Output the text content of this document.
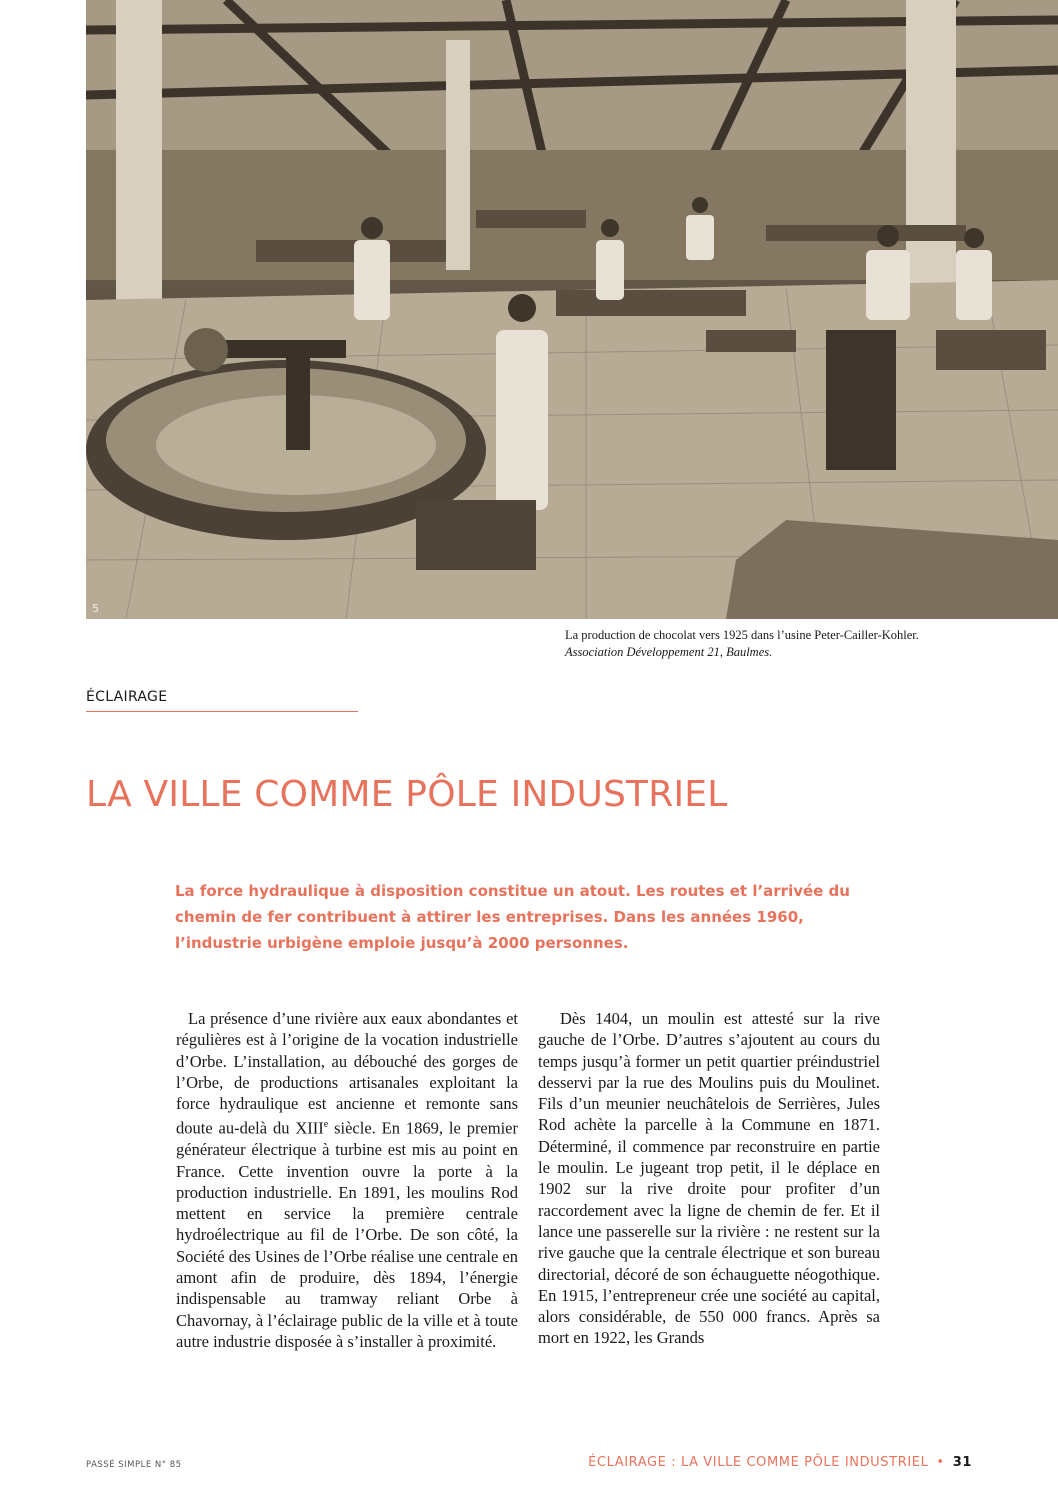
5
La production de chocolat vers 1925 dans l’usine Peter-Cailler-Kohler.
Association Développement 21, Baulmes.
ÉCLAIRAGE
LA VILLE COMME PÔLE INDUSTRIEL

La force hydraulique à disposition constitue un atout. Les routes et l’arrivée du chemin de fer contribuent à attirer les entreprises. Dans les années 1960, l’industrie urbigène emploie jusqu’à 2000 personnes.

La présence d’une rivière aux eaux abondantes et régulières est à l’origine de la vocation industrielle d’Orbe. L’installation, au débouché des gorges de l’Orbe, de productions artisanales exploitant la force hydraulique est ancienne et remonte sans doute au-delà du XIIIe siècle. En 1869, le premier générateur électrique à turbine est mis au point en France. Cette invention ouvre la porte à la production industrielle. En 1891, les moulins Rod mettent en service la première centrale hydroélectrique au fil de l’Orbe. De son côté, la Société des Usines de l’Orbe réalise une centrale en amont afin de produire, dès 1894, l’énergie indispensable au tramway reliant Orbe à Chavornay, à l’éclairage public de la ville et à toute autre industrie disposée à s’installer à proximité.

Dès 1404, un moulin est attesté sur la rive gauche de l’Orbe. D’autres s’ajoutent au cours du temps jusqu’à former un petit quartier préindustriel desservi par la rue des Moulins puis du Moulinet. Fils d’un meunier neuchâtelois de Serrières, Jules Rod achète la parcelle à la Commune en 1871. Déterminé, il commence par reconstruire en partie le moulin. Le jugeant trop petit, il le déplace en 1902 sur la rive droite pour profiter d’un raccordement avec la ligne de chemin de fer. Et il lance une passerelle sur la rivière : ne restent sur la rive gauche que la centrale électrique et son bureau directorial, décoré de son échauguette néogothique. En 1915, l’entrepreneur crée une société au capital, alors considérable, de 550 000 francs. Après sa mort en 1922, les Grands

PASSÉ SIMPLE N° 85	ÉCLAIRAGE : LA VILLE COMME PÔLE INDUSTRIEL • 31
